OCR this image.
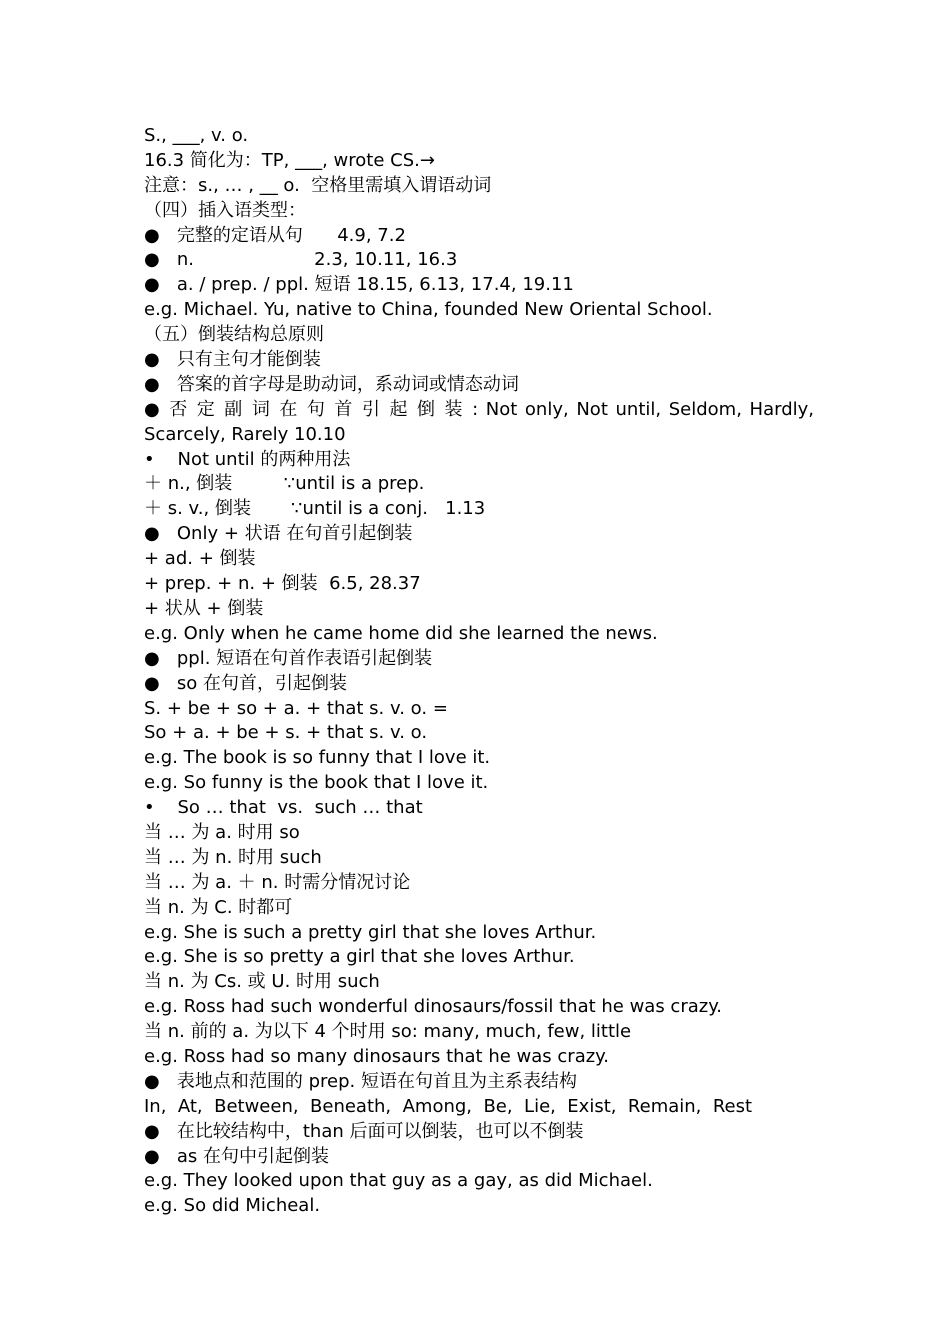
S., ___, v. o.
16.3 简化为：TP, ___, wrote CS.→
注意：s., … , __ o.  空格里需填入谓语动词
（四）插入语类型：
●   完整的定语从句      4.9, 7.2
●   n.                     2.3, 10.11, 16.3
●   a. / prep. / ppl. 短语 18.15, 6.13, 17.4, 19.11
e.g. Michael. Yu, native to China, founded New Oriental School.
（五）倒装结构总原则
●   只有主句才能倒装
●   答案的首字母是助动词，系动词或情态动词
● 否 定 副 词 在 句 首 引 起 倒 装 : Not only, Not until, Seldom, Hardly,
Scarcely, Rarely 10.10
•    Not until 的两种用法
＋ n., 倒装         ∵until is a prep.
＋ s. v., 倒装       ∵until is a conj.   1.13
●   Only + 状语 在句首引起倒装
+ ad. + 倒装
+ prep. + n. + 倒装  6.5, 28.37
+ 状从 + 倒装
e.g. Only when he came home did she learned the news.
●   ppl. 短语在句首作表语引起倒装
●   so 在句首，引起倒装
S. + be + so + a. + that s. v. o. =
So + a. + be + s. + that s. v. o.
e.g. The book is so funny that I love it.
e.g. So funny is the book that I love it.
•    So … that  vs.  such … that
当 … 为 a. 时用 so
当 … 为 n. 时用 such
当 … 为 a. ＋ n. 时需分情况讨论
当 n. 为 C. 时都可
e.g. She is such a pretty girl that she loves Arthur.
e.g. She is so pretty a girl that she loves Arthur.
当 n. 为 Cs. 或 U. 时用 such
e.g. Ross had such wonderful dinosaurs/fossil that he was crazy.
当 n. 前的 a. 为以下 4 个时用 so: many, much, few, little
e.g. Ross had so many dinosaurs that he was crazy.
●   表地点和范围的 prep. 短语在句首且为主系表结构
In,  At,  Between,  Beneath,  Among,  Be,  Lie,  Exist,  Remain,  Rest
●   在比较结构中，than 后面可以倒装，也可以不倒装
●   as 在句中引起倒装
e.g. They looked upon that guy as a gay, as did Michael.
e.g. So did Micheal.
